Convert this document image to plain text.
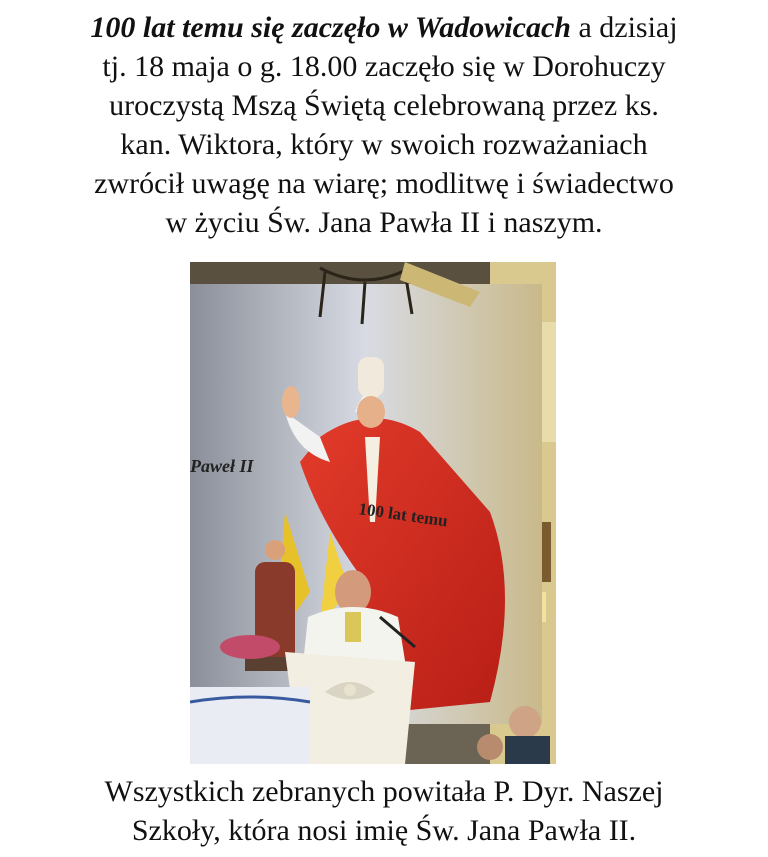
100 lat temu się zaczęło w Wadowicach a dzisiaj
tj. 18 maja o g. 18.00 zaczęło się w Dorohuczy
uroczystą Mszą Świętą celebrowaną przez ks.
kan. Wiktora, który w swoich rozważaniach
zwrócił uwagę na wiarę; modlitwę i świadectwo
w życiu Św. Jana Pawła II i naszym.
Paweł II
100 lat temu
Wszystkich zebranych powitała P. Dyr. Naszej
Szkoły, która nosi imię Św. Jana Pawła II.
